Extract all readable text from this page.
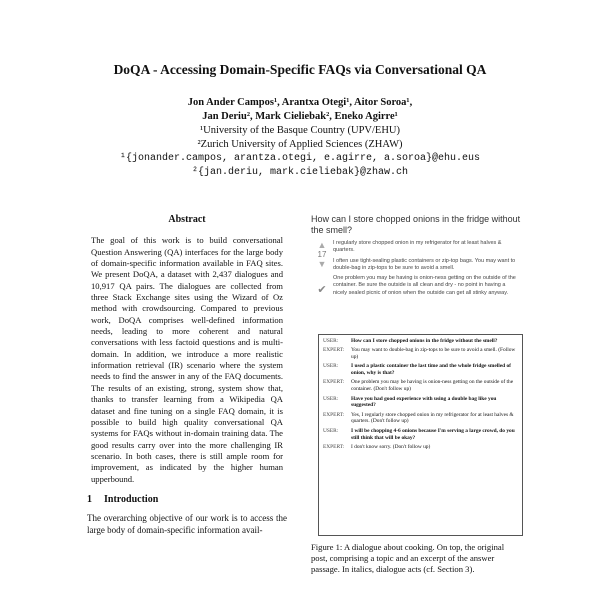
DoQA - Accessing Domain-Specific FAQs via Conversational QA
Jon Ander Campos¹, Arantxa Otegi¹, Aitor Soroa¹,
Jan Deriu², Mark Cieliebak², Eneko Agirre¹
¹University of the Basque Country (UPV/EHU)
²Zurich University of Applied Sciences (ZHAW)
¹{jonander.campos, arantza.otegi, e.agirre, a.soroa}@ehu.eus
²{jan.deriu, mark.cieliebak}@zhaw.ch
Abstract
The goal of this work is to build conversational Question Answering (QA) interfaces for the large body of domain-specific information available in FAQ sites. We present DoQA, a dataset with 2,437 dialogues and 10,917 QA pairs. The dialogues are collected from three Stack Exchange sites using the Wizard of Oz method with crowdsourcing. Compared to previous work, DoQA comprises well-defined information needs, leading to more coherent and natural conversations with less factoid questions and is multi-domain. In addition, we introduce a more realistic information retrieval (IR) scenario where the system needs to find the answer in any of the FAQ documents. The results of an existing, strong, system show that, thanks to transfer learning from a Wikipedia QA dataset and fine tuning on a single FAQ domain, it is possible to build high quality conversational QA systems for FAQs without in-domain training data. The good results carry over into the more challenging IR scenario. In both cases, there is still ample room for improvement, as indicated by the higher human upperbound.
1 Introduction
The overarching objective of our work is to access the large body of domain-specific information avail-
How can I store chopped onions in the fridge without the smell?
▲
17
▼
✔
I regularly store chopped onion in my refrigerator for at least halves & quarters.
I often use tight-sealing plastic containers or zip-top bags. You may want to double-bag in zip-tops to be sure to avoid a smell.
One problem you may be having is onion-ness getting on the outside of the container. Be sure the outside is all clean and dry - no point in having a nicely sealed picnic of onion when the outside can get all stinky anyway.
USER:	How can I store chopped onions in the fridge without the smell?
EXPERT:	You may want to double-bag in zip-tops to be sure to avoid a smell. (Follow up)
USER:	I used a plastic container the last time and the whole fridge smelled of onion, why is that?
EXPERT:	One problem you may be having is onion-ness getting on the outside of the container. (Don't follow up)
USER:	Have you had good experience with using a double bag like you suggested?
EXPERT:	Yes, I regularly store chopped onion in my refrigerator for at least halves & quarters. (Don't follow up)
USER:	I will be chopping 4-6 onions because I'm serving a large crowd, do you still think that will be okay?
EXPERT:	I don't know sorry. (Don't follow up)
Figure 1: A dialogue about cooking. On top, the original post, comprising a topic and an excerpt of the answer passage. In italics, dialogue acts (cf. Section 3).
